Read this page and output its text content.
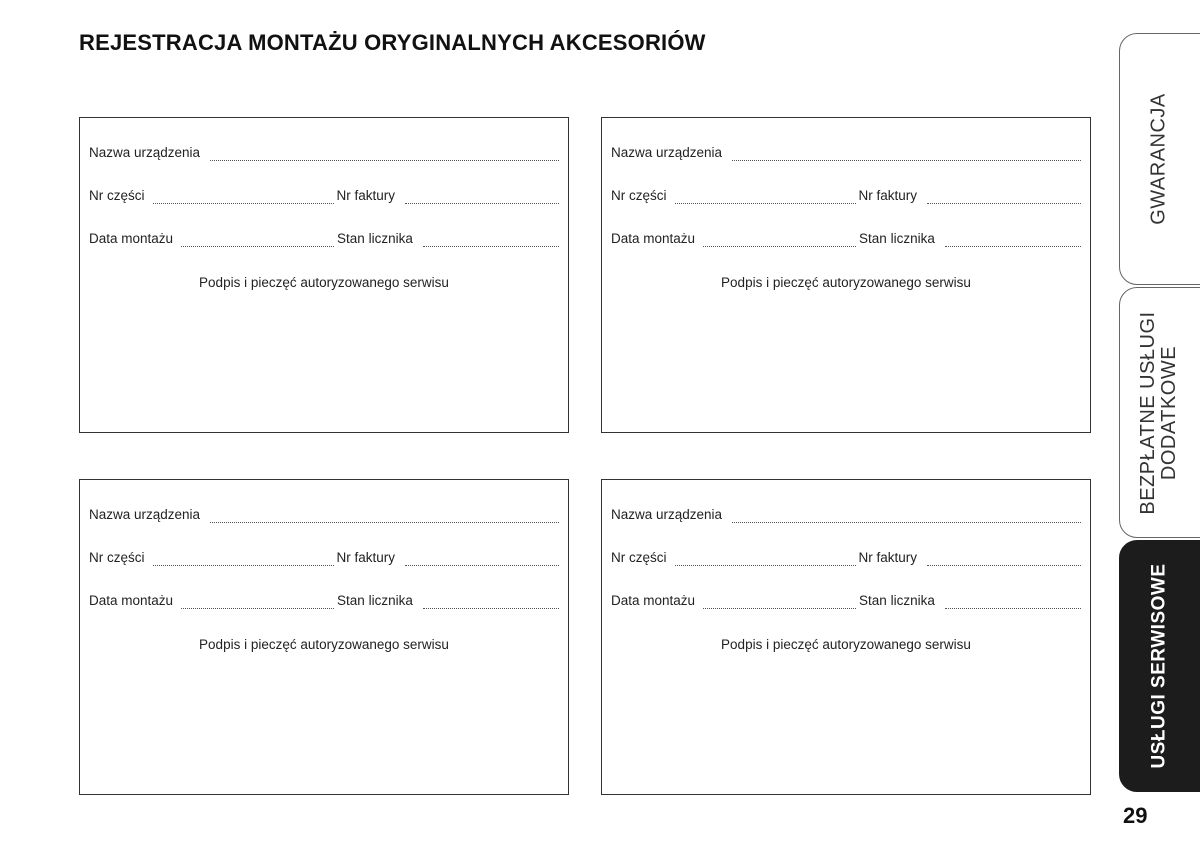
REJESTRACJA MONTAŻU ORYGINALNYCH AKCESORIÓW
Nazwa urządzenia
Nr części	Nr faktury
Data montażu	Stan licznika
Podpis i pieczęć autoryzowanego serwisu
Nazwa urządzenia
Nr części	Nr faktury
Data montażu	Stan licznika
Podpis i pieczęć autoryzowanego serwisu
Nazwa urządzenia
Nr części	Nr faktury
Data montażu	Stan licznika
Podpis i pieczęć autoryzowanego serwisu
Nazwa urządzenia
Nr części	Nr faktury
Data montażu	Stan licznika
Podpis i pieczęć autoryzowanego serwisu
GWARANCJA
BEZPŁATNE USŁUGI DODATKOWE
USŁUGI SERWISOWE
29
